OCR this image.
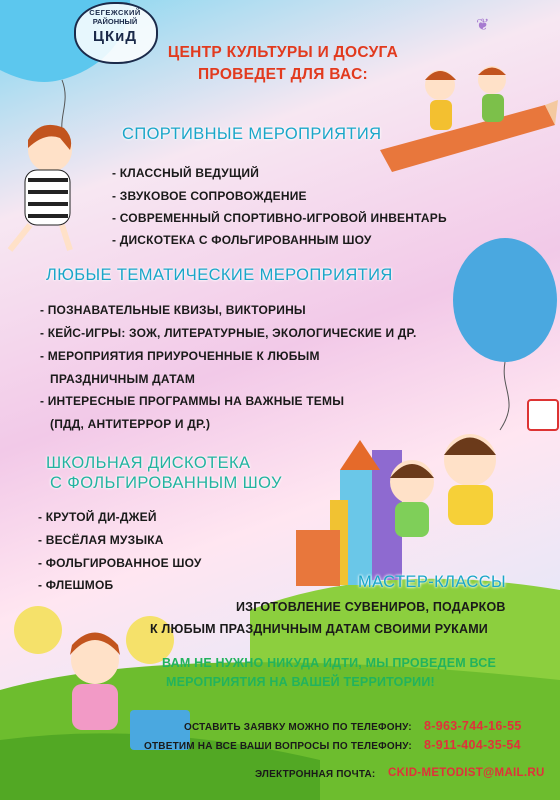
❦
СЕГЕЖСКИЙ
РАЙОННЫЙ
ЦКиД
ЦЕНТР КУЛЬТУРЫ И ДОСУГА
ПРОВЕДЕТ ДЛЯ ВАС:
СПОРТИВНЫЕ МЕРОПРИЯТИЯ
- КЛАССНЫЙ ВЕДУЩИЙ
- ЗВУКОВОЕ СОПРОВОЖДЕНИЕ
- СОВРЕМЕННЫЙ СПОРТИВНО-ИГРОВОЙ ИНВЕНТАРЬ
- ДИСКОТЕКА С ФОЛЬГИРОВАННЫМ ШОУ
ЛЮБЫЕ ТЕМАТИЧЕСКИЕ МЕРОПРИЯТИЯ
- ПОЗНАВАТЕЛЬНЫЕ КВИЗЫ, ВИКТОРИНЫ
- КЕЙС-ИГРЫ: ЗОЖ, ЛИТЕРАТУРНЫЕ, ЭКОЛОГИЧЕСКИЕ И ДР.
- МЕРОПРИЯТИЯ ПРИУРОЧЕННЫЕ К ЛЮБЫМ
ПРАЗДНИЧНЫМ ДАТАМ
- ИНТЕРЕСНЫЕ ПРОГРАММЫ НА ВАЖНЫЕ ТЕМЫ
(ПДД, АНТИТЕРРОР И ДР.)
ШКОЛЬНАЯ ДИСКОТЕКА
С ФОЛЬГИРОВАННЫМ ШОУ
- КРУТОЙ ДИ-ДЖЕЙ
- ВЕСЁЛАЯ МУЗЫКА
- ФОЛЬГИРОВАННОЕ ШОУ
- ФЛЕШМОБ	МАСТЕР-КЛАССЫ
ИЗГОТОВЛЕНИЕ СУВЕНИРОВ, ПОДАРКОВ
К ЛЮБЫМ ПРАЗДНИЧНЫМ ДАТАМ СВОИМИ РУКАМИ
ВАМ НЕ НУЖНО НИКУДА ИДТИ, МЫ ПРОВЕДЕМ ВСЕ
МЕРОПРИЯТИЯ НА ВАШЕЙ ТЕРРИТОРИИ!
ОСТАВИТЬ ЗАЯВКУ МОЖНО ПО ТЕЛЕФОНУ: 8-963-744-16-55
ОТВЕТИМ НА ВСЕ ВАШИ ВОПРОСЫ ПО ТЕЛЕФОНУ: 8-911-404-35-54
ЭЛЕКТРОННАЯ ПОЧТА: CKID-METODIST@MAIL.RU
